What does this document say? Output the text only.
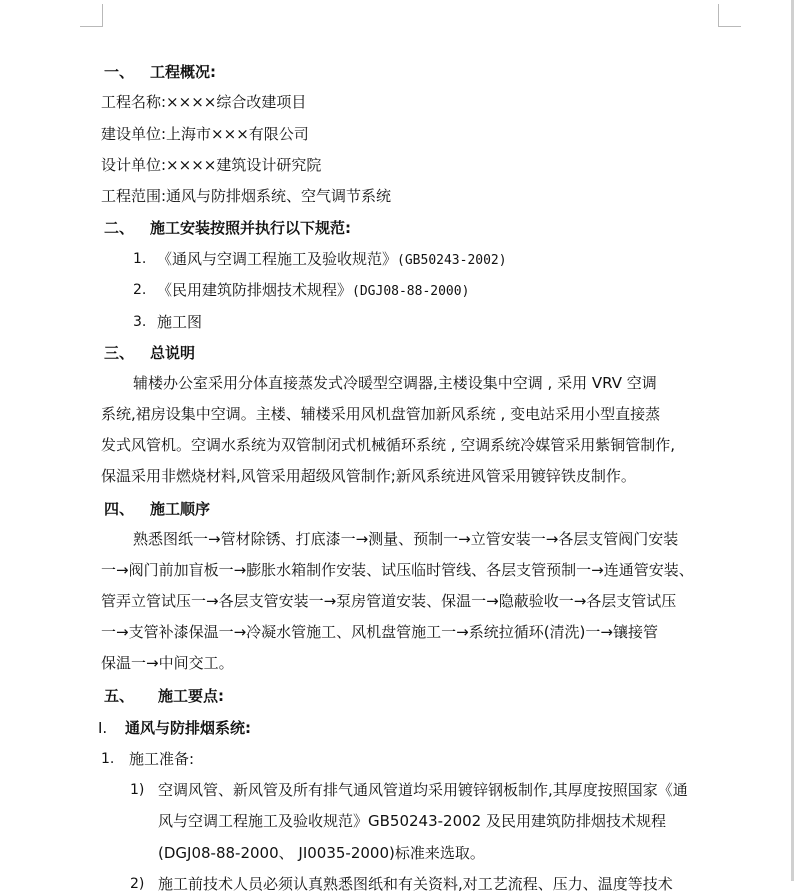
一、 工程概况:
工程名称:××××综合改建项目
建设单位:上海市×××有限公司
设计单位:××××建筑设计研究院
工程范围:通风与防排烟系统、空气调节系统
二、 施工安装按照并执行以下规范:
1. 《通风与空调工程施工及验收规范》(GB50243-2002)
2. 《民用建筑防排烟技术规程》(DGJ08-88-2000)
3. 施工图
三、 总说明
辅楼办公室采用分体直接蒸发式冷暖型空调器,主楼设集中空调 , 采用 VRV 空调
系统,裙房设集中空调。主楼、辅楼采用风机盘管加新风系统 , 变电站采用小型直接蒸
发式风管机。空调水系统为双管制闭式机械循环系统 , 空调系统冷媒管采用紫铜管制作,
保温采用非燃烧材料,风管采用超级风管制作;新风系统进风管采用镀锌铁皮制作。
四、 施工顺序
熟悉图纸一→管材除锈、打底漆一→测量、预制一→立管安装一→各层支管阀门安装
一→阀门前加盲板一→膨胀水箱制作安装、试压临时管线、各层支管预制一→连通管安装、
管弄立管试压一→各层支管安装一→泵房管道安装、保温一→隐蔽验收一→各层支管试压
一→支管补漆保温一→冷凝水管施工、风机盘管施工一→系统拉循环(清洗)一→镶接管
保温一→中间交工。
五、 施工要点:
I. 通风与防排烟系统:
1. 施工准备:
1) 空调风管、新风管及所有排气通风管道均采用镀锌钢板制作,其厚度按照国家《通
风与空调工程施工及验收规范》GB50243-2002 及民用建筑防排烟技术规程
(DGJ08-88-2000、 JI0035-2000)标准来选取。
2) 施工前技术人员必须认真熟悉图纸和有关资料,对工艺流程、压力、温度等技术
